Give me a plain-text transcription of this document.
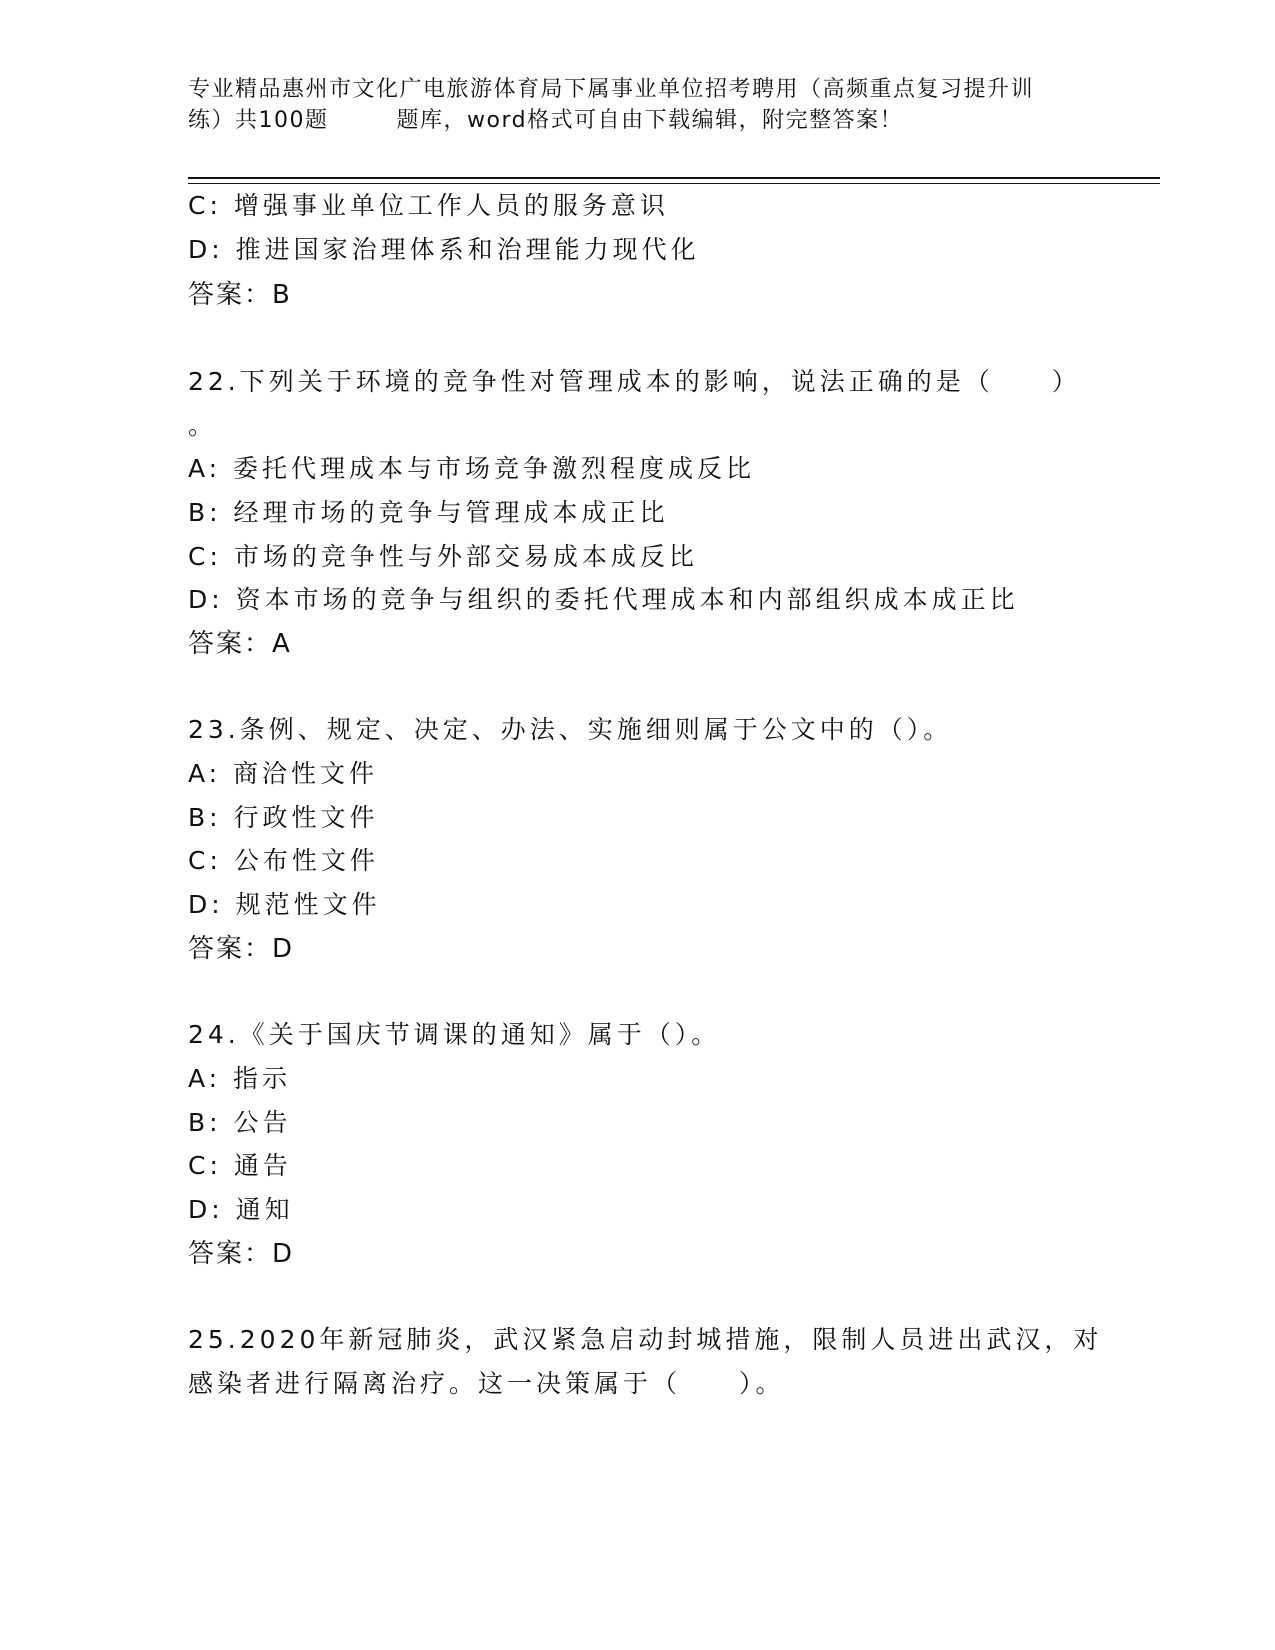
专业精品惠州市文化广电旅游体育局下属事业单位招考聘用（高频重点复习提升训
练）共100题	题库，word格式可自由下载编辑，附完整答案！
C: 增强事业单位工作人员的服务意识
D: 推进国家治理体系和治理能力现代化
答案：B
22.下列关于环境的竞争性对管理成本的影响，说法正确的是（　　）
。
A: 委托代理成本与市场竞争激烈程度成反比
B: 经理市场的竞争与管理成本成正比
C: 市场的竞争性与外部交易成本成反比
D: 资本市场的竞争与组织的委托代理成本和内部组织成本成正比
答案：A
23.条例、规定、决定、办法、实施细则属于公文中的（）。
A: 商洽性文件
B: 行政性文件
C: 公布性文件
D: 规范性文件
答案：D
24.《关于国庆节调课的通知》属于（）。
A: 指示
B: 公告
C: 通告
D: 通知
答案：D
25.2020年新冠肺炎，武汉紧急启动封城措施，限制人员进出武汉，对
感染者进行隔离治疗。这一决策属于（　　）。
